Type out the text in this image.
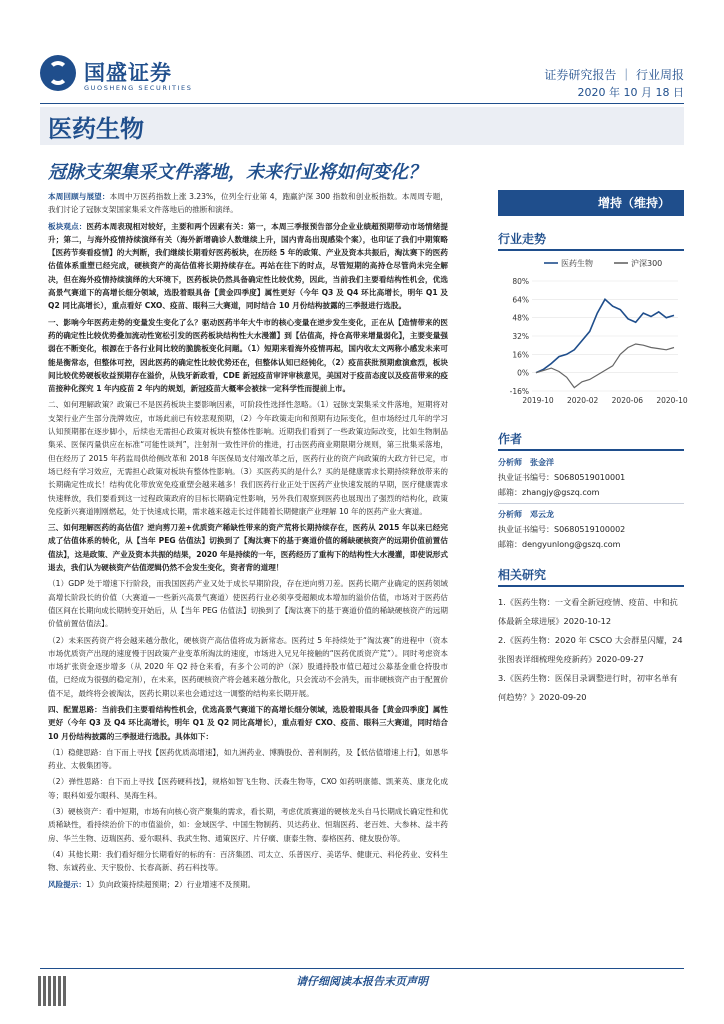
国盛证券
GUOSHENG SECURITIES
证券研究报告 ｜ 行业周报
2020 年 10 月 18 日
医药生物
冠脉支架集采文件落地，未来行业将如何变化？

本周回顾与展望：本周中万医药指数上涨 3.23%，位列全行业第 4，跑赢沪深 300 指数和创业板指数。本周周专题，我们讨论了冠脉支架国家集采文件落地后的推断和演绎。

板块观点：医药本周表现相对较好，主要和两个因素有关：第一，本周三季报预告部分企业业绩超预期带动市场情绪提升；第二，与海外疫情持续演绎有关（海外新增确诊人数继续上升，国内青岛出现感染个案），也印证了我们中期策略【医药节奏看疫情】的大判断，我们继续长期看好医药板块，在历经 5 年的政策、产业及资本共振后，淘汰赛下的医药估值体系重塑已经完成，硬核资产的高估值将长期持续存在。再站在往下的时点，尽管短期的高持仓尽管尚未完全解决，但在海外疫情持续演绎的大环境下，医药板块仍然具备确定性比较优势，因此，当前我们主要看结构性机会，优选高景气赛道下的高增长细分领域，选股着眼具备【黄金四季度】属性更好（今年 Q3 及 Q4 环比高增长，明年 Q1 及 Q2 同比高增长），重点看好 CXO、疫苗、眼科三大赛道，同时结合 10 月份结构披露的三季报进行选股。

一、影响今年医药走势的变量发生变化了么？驱动医药半年大牛市的核心变量在逆步发生变化，正在从【造情带来的医药的确定性比较优势叠加流动性宽松引发的医药板块结构性大水漫灌】到【估值高，持仓高带来增量弱化】，主要变量强弱在不断变化，根源在于各行业间比较的脆脆板变化问题。（1）短期来看海外疫情再起，国内收太文两称小感发未来可能是衡常态，但整体可控，因此医药的确定性比较优势还在，但整体认知已经钝化，（2）疫苗获批预期愈演愈烈，板块间比较优势硬板收益预期存在溢价，从钱牙新政看，CDE 新冠疫苗审评审核意见，美国对于疫苗态度以及疫苗带来的疫苗接种化探究 1 年内疫苗 2 年内的规划，新冠疫苗大概率会被抹一定科学性而提前上市。

二、如何理解政策？政策已不是医药板块主要影响因素，可阶段性选择性忽略。（1）冠脉支架集采文件落地，短期将对支架行业产生部分洗牌效应，市场此前已有较悲观预期，（2）今年政策走向和预期有边际变化，但市场经过几年的学习认知预期都在逐步脚小，后续也无需担心政策对板块有整体性影响。近期我们看到了一些政策边际改变，比如生物制品集采、医保丙量供应在标准“可能性谈判”，注射剂一致性评价的推进，打击医药商业期限期分规则，第三批集采落地，但在经历了 2015 年药监局供给侧改革和 2018 年医保局支付端改革之后，医药行业的资产向政策的大政方针已定，市场已经有学习效应，无需担心政策对板块有整体性影响。（3）买医药买的是什么？买的是健康需求长期持续释放带来的长期确定性成长！结构优化带放宽免疫重塑会越来越多！我们医药行业正处于医药产业快速发展的早期，医疗健康需求快速释放，我们要看到这一过程政策政府的目标长期确定性影响，另外我们观察到医药也展现出了强烈的结构化，政策免疫新兴赛道刚刚燃起，处于快速成长期，需求越来越走长过伴随着长期健康产业理解 10 年的医药产业大赛道。

三、如何理解医药的高估值？逆向剪刀差+优质资产稀缺性带来的资产荒将长期持续存在，医药从 2015 年以来已经完成了估值体系的转化，从【当年 PEG 估值法】切换到了【淘汰赛下的基于赛道价值的稀缺硬核资产的远期价值前置估值法】，这是政策、产业及资本共振的结果，2020 年是持续的一年，医药经历了重构下的结构性大水漫灌，即使说形式退去，我们认为硬核资产估值逻辑仍然不会发生变化，资者背的道理！

（1）GDP 处于增速下行阶段，而我国医药产业又处于成长早期阶段，存在逆向剪刀差。医药长期产业确定的医药领域高增长阶段长的价值（大赛道—一些新兴高景气赛道）使医药行业必须享受超额成本增加的溢价估值，市场对于医药估值区间在长期向成长期转变开始后，从【当年 PEG 估值法】切换到了【淘汰赛下的基于赛道价值的稀缺硬核资产的远期价值前置估值法】。

（2）未来医药资产将会越来越分散化，硬核资产高估值将成为新常态。医药过 5 年持续处于“淘汰赛”的进程中（资本市场优质资产出现的速度慢于因政策产业变革所淘汰的速度，市场进入兄兄年接触的“医药优质资产荒”）。同时考虑资本市场扩张资金逐步增多（从 2020 年 Q2 持仓来看，有多个公司的沪（深）股通持股市值已超过公募基金重仓持股市值，已经成为很强的稳定剂），在未来，医药硬核资产将会越来越分散化，只会流动不会消失，而非硬核资产由于配置价值不足，最终将会被淘汰，医药长期以来也会通过这一调整的结构来长期开展。

四、配置思路：当前我们主要看结构性机会，优选高景气赛道下的高增长细分领域，选股着眼具备【黄金四季度】属性更好（今年 Q3 及 Q4 环比高增长，明年 Q1 及 Q2 同比高增长），重点看好 CXO、疫苗、眼科三大赛道，同时结合 10 月份结构披露的三季报进行选股。具体如下：

（1）稳健思路：自下而上寻找【医药优质高增速】，如九洲药业、博腾股份、普利制药，及【低估值增速上行】，如恩华药业、太极集团等。

（2）弹性思路：自下而上寻找【医药硬科技】，规格如智飞生物、沃森生物等，CXO 如药明康德、凯莱英、康龙化成等；眼科如爱尔眼科、昊海生科。

（3）硬核资产：看中短期，市场有向核心资产聚集的需求，看长期，考虑优质赛道的硬核龙头自马长期成长确定性和优质稀缺性，看持续治价下的市值溢价，如：金域医学、中国生物制药、贝达药业、恒瑞医药、老百姓、大参林、益丰药房、华兰生物、迈瑞医药、爱尔眼科、我武生物、通策医疗、片仔癀、康泰生物、泰格医药、健友股份等。

（4）其他长期：我们看好细分长期看好的标的有：百济集团、司太立、乐普医疗、美诺华、健康元、科伦药业、安科生物、东诚药业、天宇股份、长春高新、药石科技等。

风险提示：1）负向政策持续超预期；2）行业增速不及预期。

增持（维持）
行业走势
-16%
0%
16%
32%
48%
64%
80%
2019-10 2020-02 2020-06 2020-10
医药生物	沪深300
作者
分析师　 张金洋
执业证书编号：S0680519010001
邮箱：zhangjy@gszq.com
分析师　 邓云龙
执业证书编号：S0680519100002
邮箱：dengyunlong@gszq.com
相关研究
1.《医药生物：一文看全新冠疫情、疫苗、中和抗体最新全球进展》2020-10-12
2.《医药生物：2020 年 CSCO 大会群星闪耀，24 张图表详细梳理免疫新药》2020-09-27
3.《医药生物：医保目录调整进行时，初审名单有何趋势？》2020-09-20
请仔细阅读本报告末页声明
